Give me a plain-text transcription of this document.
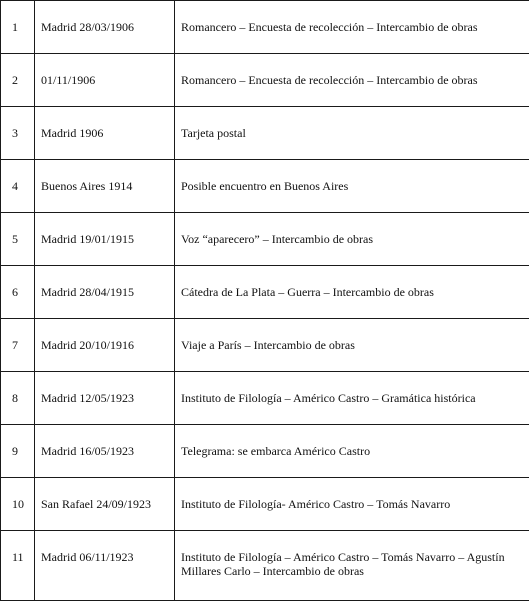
1	Madrid 28/03/1906	Romancero – Encuesta de recolección – Intercambio de obras

2	01/11/1906	Romancero – Encuesta de recolección – Intercambio de obras

3	Madrid 1906	Tarjeta postal

4	Buenos Aires 1914	Posible encuentro en Buenos Aires

5	Madrid 19/01/1915	Voz “aparecero” – Intercambio de obras

6	Madrid 28/04/1915	Cátedra de La Plata – Guerra – Intercambio de obras

7	Madrid 20/10/1916	Viaje a París – Intercambio de obras

8	Madrid 12/05/1923	Instituto de Filología – Américo Castro – Gramática histórica

9	Madrid 16/05/1923	Telegrama: se embarca Américo Castro

10	San Rafael 24/09/1923	Instituto de Filología- Américo Castro – Tomás Navarro

11	Madrid 06/11/1923	Instituto de Filología – Américo Castro – Tomás Navarro – Agustín Millares Carlo – Intercambio de obras
